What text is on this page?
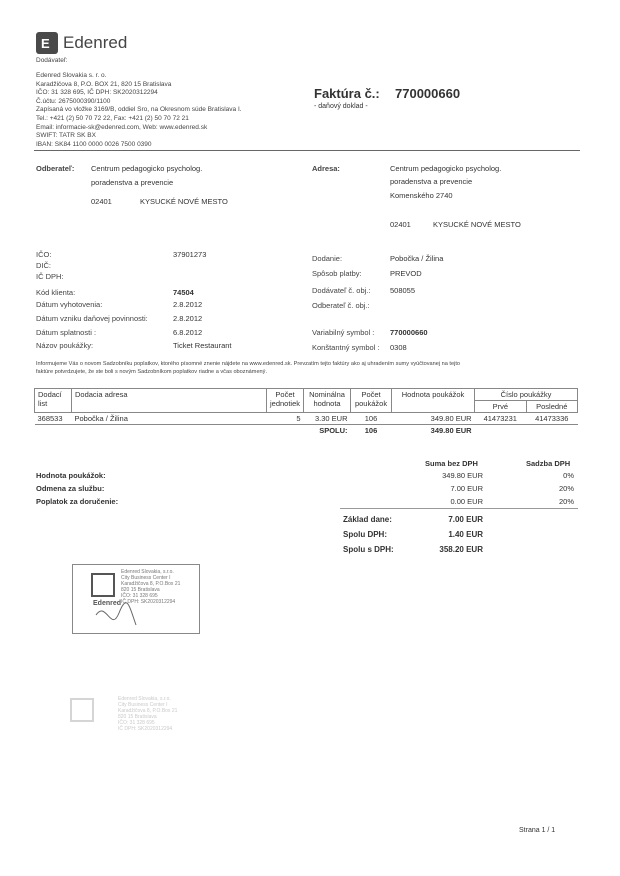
E Edenred
Dodávateľ:
Edenred Slovakia s. r. o.
Karadžičova 8, P.O. BOX 21, 820 15 Bratislava
IČO: 31 328 695, IČ DPH: SK2020312294
Č.účtu: 2675000390/1100
Zapísaná vo vložke 3169/B, oddiel Sro, na Okresnom súde Bratislava I.
Tel.: +421 (2) 50 70 72 22, Fax: +421 (2) 50 70 72 21
Email: informacie-sk@edenred.com, Web: www.edenred.sk
SWIFT: TATR SK BX
IBAN: SK84 1100 0000 0026 7500 0390
Faktúra č.: 770000660
- daňový doklad -
Odberateľ: Centrum pedagogicko psycholog.
poradenstva a prevencie
02401	KYSUCKÉ NOVÉ MESTO
Adresa:	Centrum pedagogicko psycholog.
poradenstva a prevencie
Komenského 2740
02401	KYSUCKÉ NOVÉ MESTO
IČO:	37901273
DIČ:
IČ DPH:
Kód klienta:	74504
Dátum vyhotovenia:	2.8.2012
Dátum vzniku daňovej povinnosti:	2.8.2012
Dátum splatnosti :	6.8.2012
Názov poukážky:	Ticket Restaurant
Dodanie:	Pobočka / Žilina
Spôsob platby:	PREVOD
Dodávateľ č. obj.:	508055
Odberateľ č. obj.:
Variabilný symbol : 770000660
Konštantný symbol : 0308
Informujeme Vás o novom Sadzobníku poplatkov, ktorého písomné znenie nájdete na www.edenred.sk. Prevzatím tejto faktúry ako aj uhradením sumy vyúčtovanej na tejto
faktúre potvrdzujete, že ste boli s novým Sadzobníkom poplatkov riadne a včas oboznámený.
Dodací list	Dodacia adresa	Počet jednotiek	Nominálna hodnota	Počet poukážok	Hodnota poukážok	Číslo poukážky	
						Prvé	Posledné
368533	Pobočka / Žilina	5	3.30 EUR	106	349.80 EUR	41473231	41473336
			SPOLU:	106	349.80 EUR		
Suma bez DPH	Sadzba DPH
Hodnota poukážok:	349.80 EUR	0%
Odmena za službu:	7.00 EUR	20%
Poplatok za doručenie:	0.00 EUR	20%
Základ dane:	7.00 EUR
Spolu DPH:	1.40 EUR
Spolu s DPH:	358.20 EUR
Edenred
Edenred Slovakia, s.r.o.
City Business Center I
Karadžičova 8, P.O.Box 21
820 15 Bratislava
IČO: 31 328 695
IČ DPH: SK2020312294
Edenred Slovakia, s.r.o.
City Business Center I
Karadžičova 8, P.O.Box 21
820 15 Bratislava
IČO: 31 328 695
IČ DPH: SK2020312294
Strana 1 / 1
